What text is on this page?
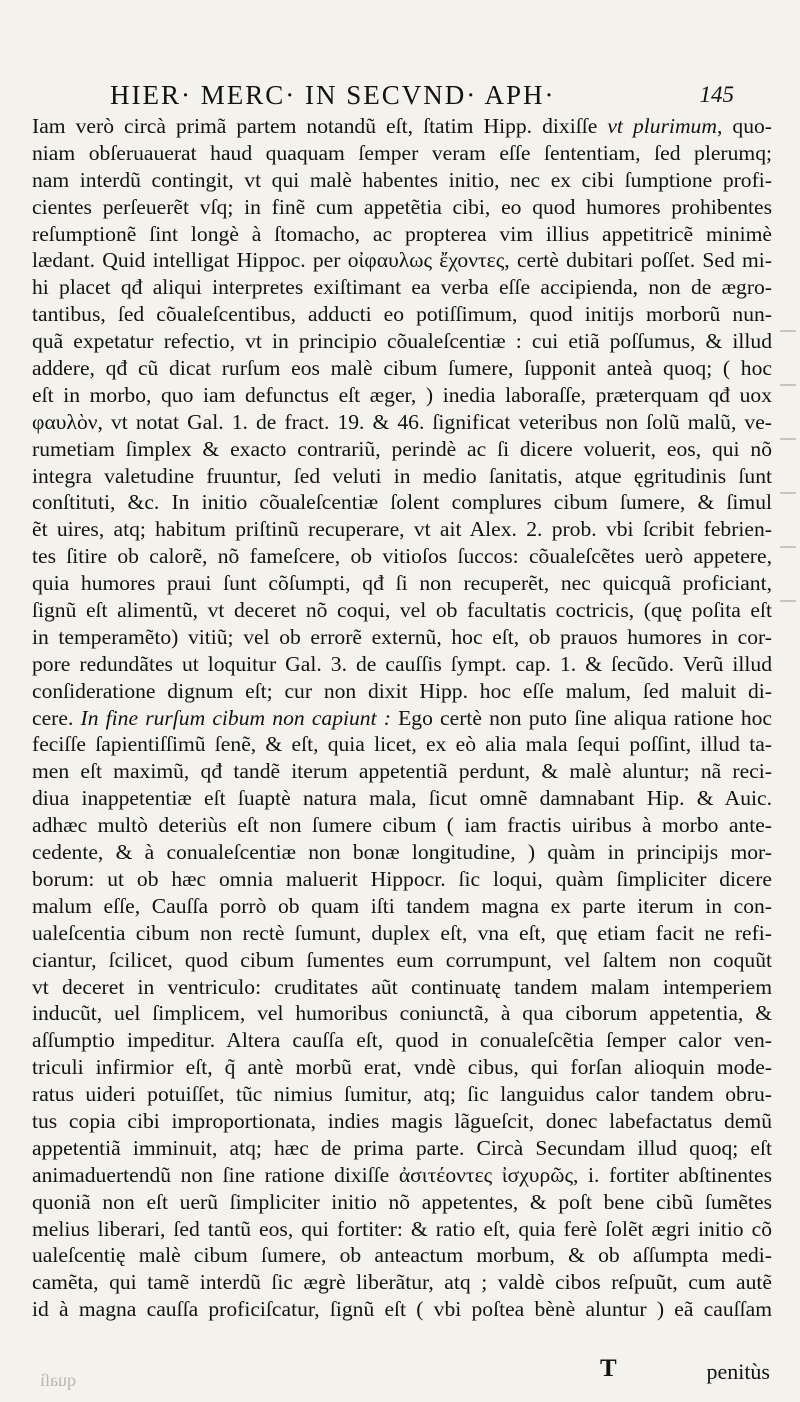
HIER· MERC· IN SECVND· APH·	145
Iam verò circà primã partem notandũ eſt, ſtatim Hipp. dixiſſe vt plurimum, quo-
niam obſeruauerat haud quaquam ſemper veram eſſe ſententiam, ſed plerumq;
nam interdũ contingit, vt qui malè habentes initio, nec ex cibi ſumptione profi-
cientes perſeuerẽt vſq; in finẽ cum appetẽtia cibi, eo quod humores prohibentes
reſumptionẽ ſint longè à ſtomacho, ac propterea vim illius appetitricẽ minimè
lædant. Quid intelligat Hippoc. per οἰφαυλως ἔχοντες, certè dubitari poſſet. Sed mi-
hi placet qđ aliqui interpretes exiſtimant ea verba eſſe accipienda, non de ægro-
tantibus, ſed cõualeſcentibus, adducti eo potiſſimum, quod initijs morborũ nun-
quã expetatur refectio, vt in principio cõualeſcentiæ : cui etiã poſſumus, & illud
addere, qđ cũ dicat rurſum eos malè cibum ſumere, ſupponit anteà quoq; ( hoc
eſt in morbo, quo iam defunctus eſt æger, ) inedia laboraſſe, præterquam qđ uox
φαυλὸν, vt notat Gal. 1. de fract. 19. & 46. ſignificat veteribus non ſolũ malũ, ve-
rumetiam ſimplex & exacto contrariũ, perindè ac ſi dicere voluerit, eos, qui nõ
integra valetudine fruuntur, ſed veluti in medio ſanitatis, atque ęgritudinis ſunt
conſtituti, &c. In initio cõualeſcentiæ ſolent complures cibum ſumere, & ſimul
ẽt uires, atq; habitum priſtinũ recuperare, vt ait Alex. 2. prob. vbi ſcribit febrien-
tes ſitire ob calorẽ, nõ fameſcere, ob vitioſos ſuccos: cõualeſcẽtes uerò appetere,
quia humores praui ſunt cõſumpti, qđ ſi non recuperẽt, nec quicquã proficiant,
ſignũ eſt alimentũ, vt deceret nõ coqui, vel ob facultatis coctricis, (quę poſita eſt
in temperamẽto) vitiũ; vel ob errorẽ externũ, hoc eſt, ob prauos humores in cor-
pore redundãtes ut loquitur Gal. 3. de cauſſis ſympt. cap. 1. & ſecũdo. Verũ illud
conſideratione dignum eſt; cur non dixit Hipp. hoc eſſe malum, ſed maluit di-
cere. In fine rurſum cibum non capiunt : Ego certè non puto ſine aliqua ratione hoc
feciſſe ſapientiſſimũ ſenẽ, & eſt, quia licet, ex eò alia mala ſequi poſſint, illud ta-
men eſt maximũ, qđ tandẽ iterum appetentiã perdunt, & malè aluntur; nã reci-
diua inappetentiæ eſt ſuaptè natura mala, ſicut omnẽ damnabant Hip. & Auic.
adhæc multò deteriùs eſt non ſumere cibum ( iam fractis uiribus à morbo ante-
cedente, & à conualeſcentiæ non bonæ longitudine, ) quàm in principijs mor-
borum: ut ob hæc omnia maluerit Hippocr. ſic loqui, quàm ſimpliciter dicere
malum eſſe, Cauſſa porrò ob quam iſti tandem magna ex parte iterum in con-
ualeſcentia cibum non rectè ſumunt, duplex eſt, vna eſt, quę etiam facit ne refi-
ciantur, ſcilicet, quod cibum ſumentes eum corrumpunt, vel ſaltem non coquũt
vt deceret in ventriculo: cruditates aũt continuatę tandem malam intemperiem
inducũt, uel ſimplicem, vel humoribus coniunctã, à qua ciborum appetentia, &
aſſumptio impeditur. Altera cauſſa eſt, quod in conualeſcẽtia ſemper calor ven-
triculi infirmior eſt, q̃ antè morbũ erat, vndè cibus, qui forſan alioquin mode-
ratus uideri potuiſſet, tũc nimius ſumitur, atq; ſic languidus calor tandem obru-
tus copia cibi improportionata, indies magis lãgueſcit, donec labefactatus demũ
appetentiã imminuit, atq; hæc de prima parte. Circà Secundam illud quoq; eſt
animaduertendũ non ſine ratione dixiſſe ἀσιτέοντες ἰσχυρῶς, i. fortiter abſtinentes
quoniã non eſt uerũ ſimpliciter initio nõ appetentes, & poſt bene cibũ ſumẽtes
melius liberari, ſed tantũ eos, qui fortiter: & ratio eſt, quia ferè ſolẽt ægri initio cõ
ualeſcentię malè cibum ſumere, ob anteactum morbum, & ob aſſumpta medi-
camẽta, qui tamẽ interdũ ſic ægrè liberãtur, atq ; valdè cibos reſpuũt, cum autẽ
id à magna cauſſa proficiſcatur, ſignũ eſt ( vbi poſtea bènè aluntur ) eã cauſſam
quaſi	T	penitùs
